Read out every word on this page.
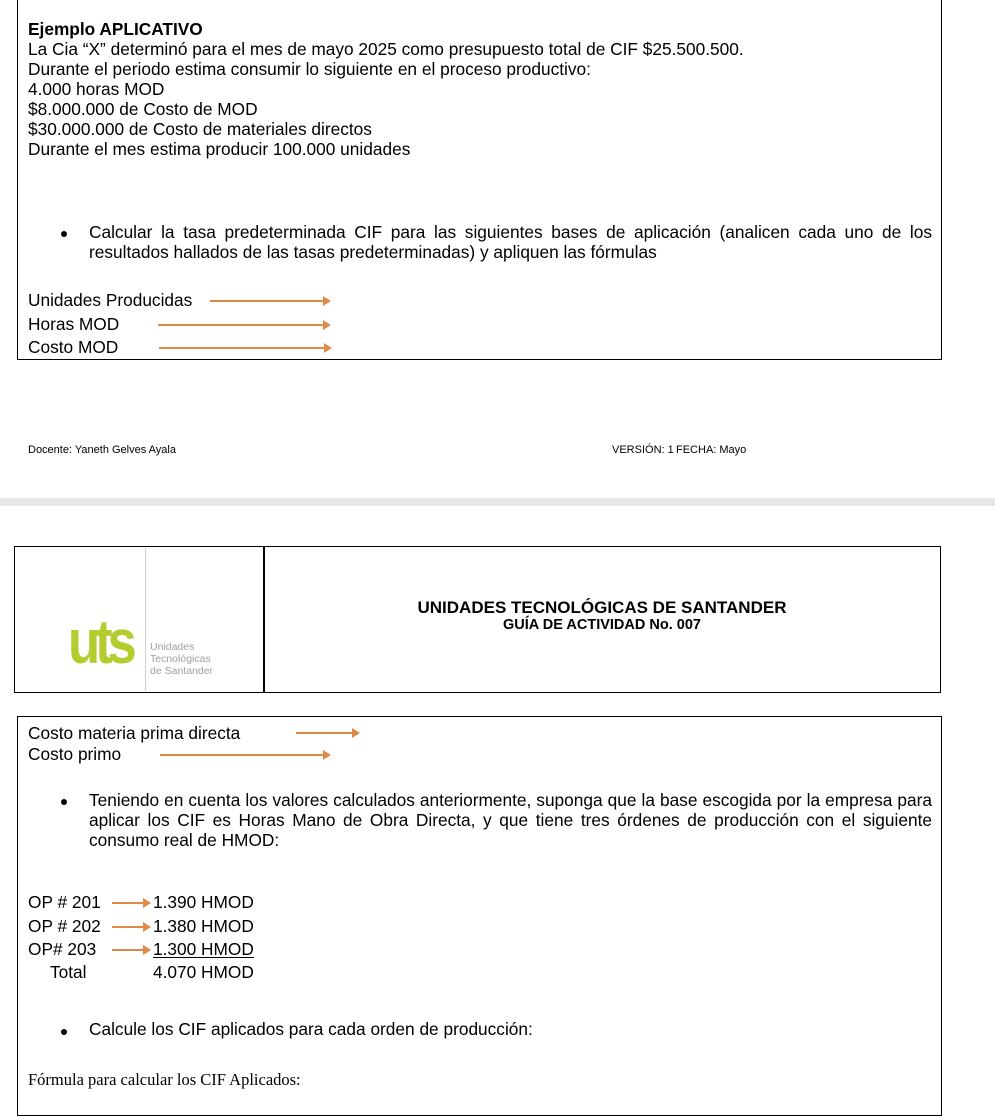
Ejemplo APLICATIVO
La Cia “X” determinó para el mes de mayo 2025 como presupuesto total de CIF $25.500.500.
Durante el periodo estima consumir lo siguiente en el proceso productivo:
4.000 horas MOD
$8.000.000 de Costo de MOD
$30.000.000 de Costo de materiales directos
Durante el mes estima producir 100.000 unidades
Calcular la tasa predeterminada CIF para las siguientes bases de aplicación (analicen cada uno de los resultados hallados de las tasas predeterminadas) y apliquen las fórmulas
Unidades Producidas
Horas MOD
Costo MOD
Docente: Yaneth Gelves Ayala	VERSIÓN: 1 FECHA: Mayo
uts Unidades
Tecnológicas
de Santander
UNIDADES TECNOLÓGICAS DE SANTANDER
GUÍA DE ACTIVIDAD No. 007
Costo materia prima directa
Costo primo
Teniendo en cuenta los valores calculados anteriormente, suponga que la base escogida por la empresa para aplicar los CIF es Horas Mano de Obra Directa, y que tiene tres órdenes de producción con el siguiente consumo real de HMOD:
OP # 201	1.390 HMOD
OP # 202	1.380 HMOD
OP# 203	1.300 HMOD
Total	4.070 HMOD
Calcule los CIF aplicados para cada orden de producción:
Fórmula para calcular los CIF Aplicados:
